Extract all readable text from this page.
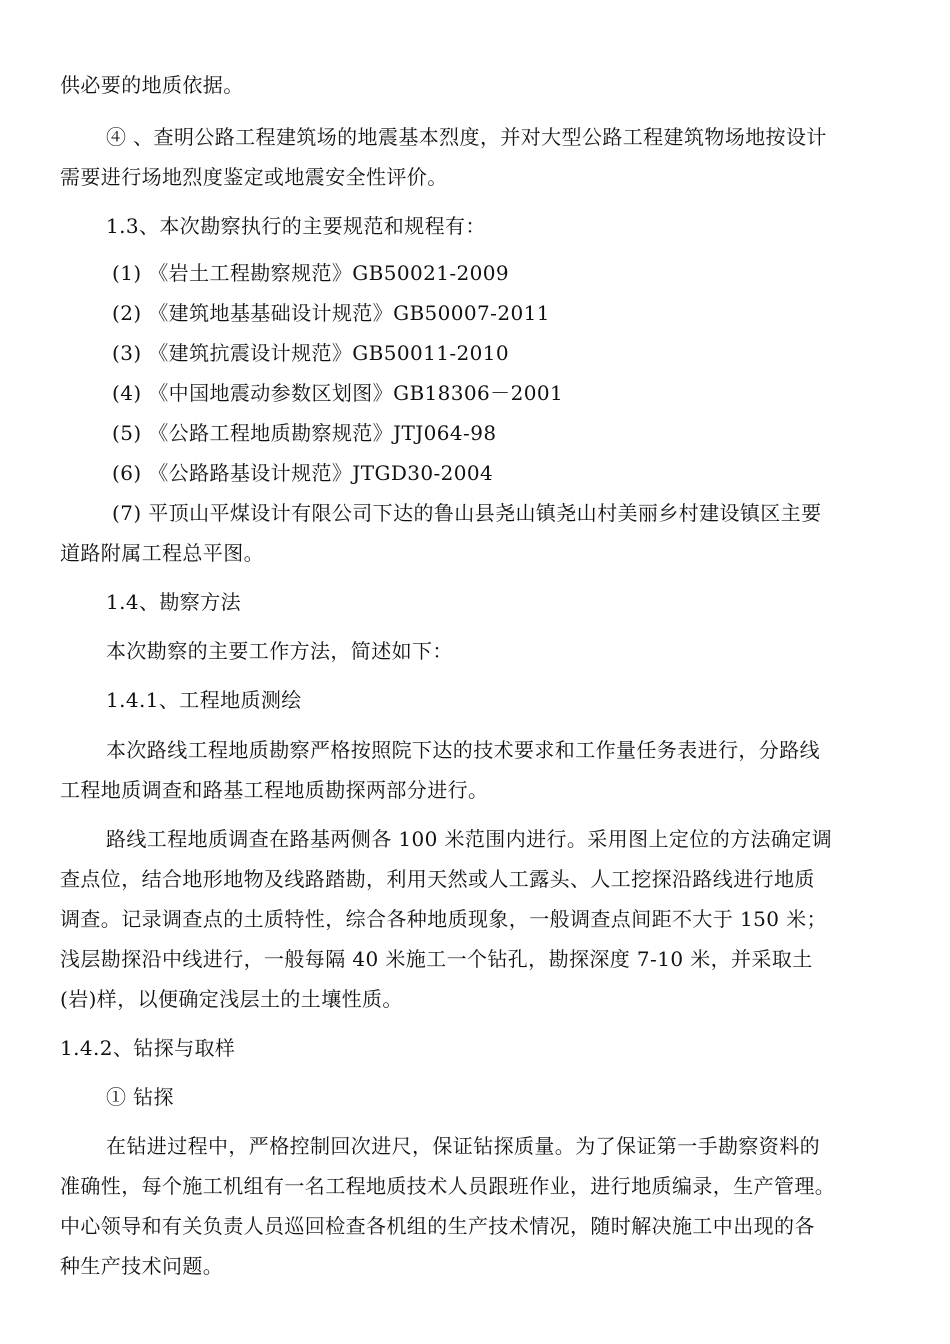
供必要的地质依据。
④ 、查明公路工程建筑场的地震基本烈度，并对大型公路工程建筑物场地按设计
需要进行场地烈度鉴定或地震安全性评价。
1.3、本次勘察执行的主要规范和规程有：
(1) 《岩土工程勘察规范》GB50021-2009
(2) 《建筑地基基础设计规范》GB50007-2011
(3) 《建筑抗震设计规范》GB50011-2010
(4) 《中国地震动参数区划图》GB18306－2001
(5) 《公路工程地质勘察规范》JTJ064-98
(6) 《公路路基设计规范》JTGD30-2004
(7) 平顶山平煤设计有限公司下达的鲁山县尧山镇尧山村美丽乡村建设镇区主要
道路附属工程总平图。
1.4、勘察方法
本次勘察的主要工作方法，简述如下：
1.4.1、工程地质测绘
本次路线工程地质勘察严格按照院下达的技术要求和工作量任务表进行，分路线
工程地质调查和路基工程地质勘探两部分进行。
路线工程地质调查在路基两侧各 100 米范围内进行。采用图上定位的方法确定调
查点位，结合地形地物及线路踏勘，利用天然或人工露头、人工挖探沿路线进行地质
调查。记录调查点的土质特性，综合各种地质现象，一般调查点间距不大于 150 米；
浅层勘探沿中线进行，一般每隔 40 米施工一个钻孔，勘探深度 7-10 米，并采取土
(岩)样，以便确定浅层土的土壤性质。
1.4.2、钻探与取样
① 钻探
在钻进过程中，严格控制回次进尺，保证钻探质量。为了保证第一手勘察资料的
准确性，每个施工机组有一名工程地质技术人员跟班作业，进行地质编录，生产管理。
中心领导和有关负责人员巡回检查各机组的生产技术情况，随时解决施工中出现的各
种生产技术问题。
